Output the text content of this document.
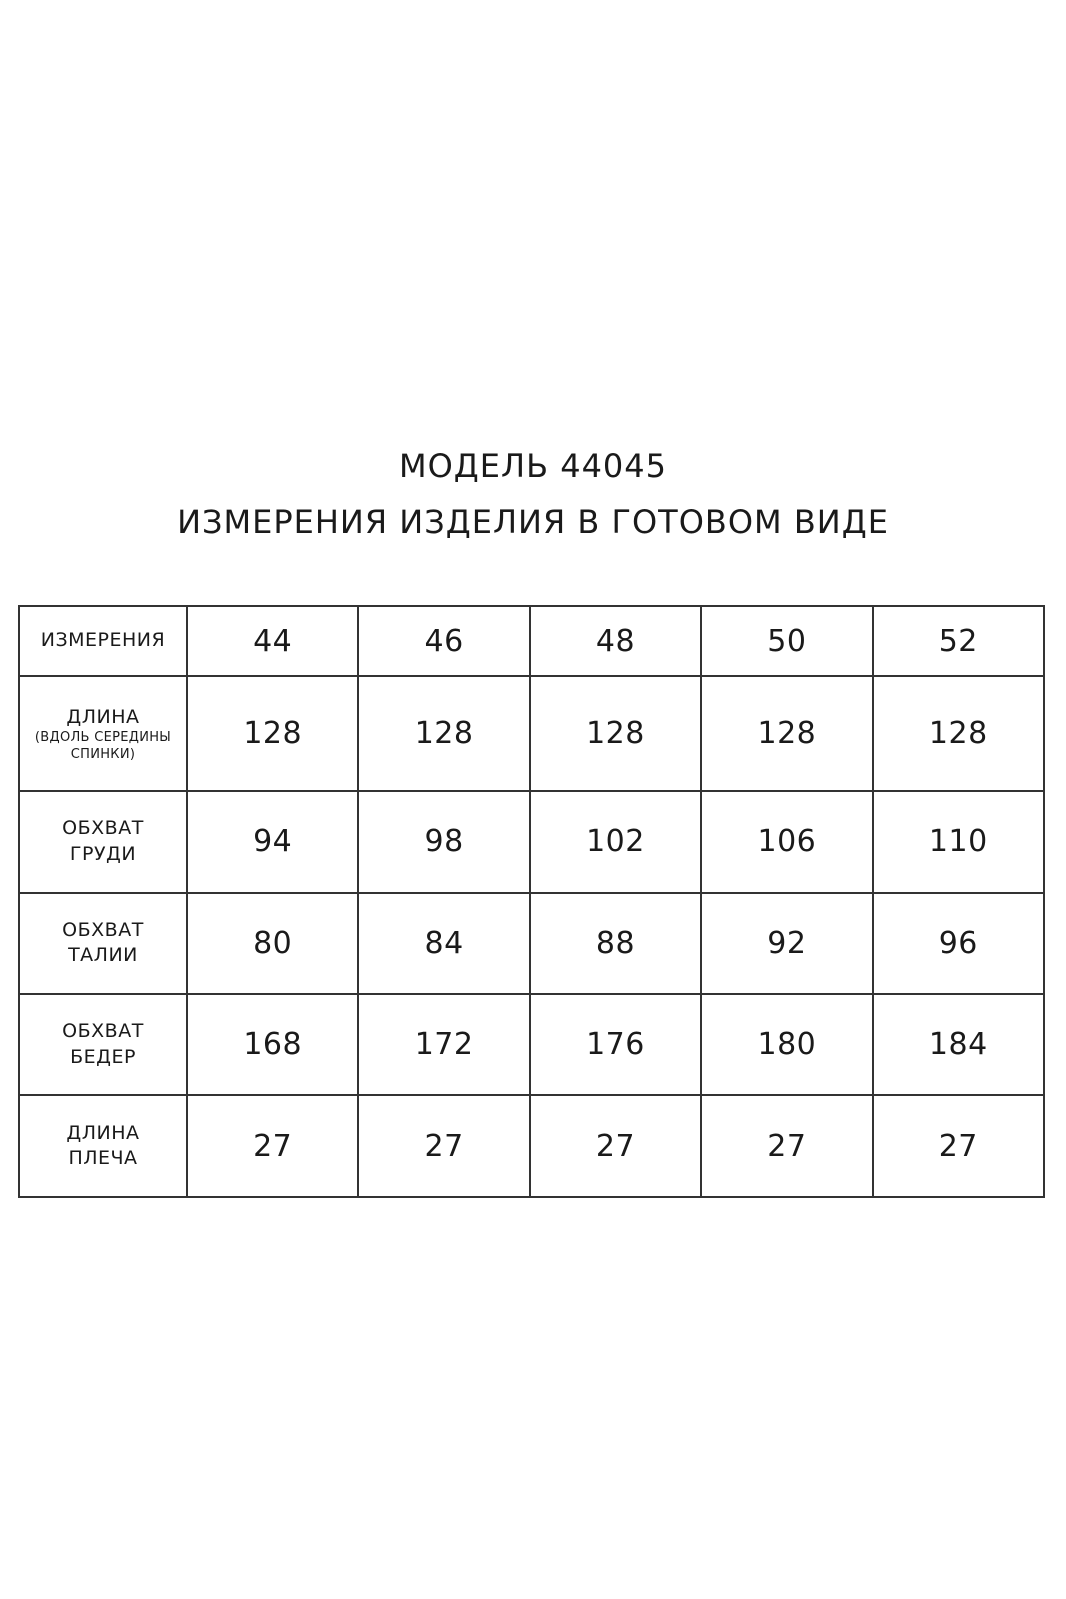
МОДЕЛЬ 44045
ИЗМЕРЕНИЯ ИЗДЕЛИЯ В ГОТОВОМ ВИДЕ
ИЗМЕРЕНИЯ	44	46	48	50	52

ДЛИНА
(ВДОЛЬ СЕРЕДИНЫ
СПИНКИ)	128	128	128	128	128

ОБХВАТ
ГРУДИ	94	98	102	106	110

ОБХВАТ
ТАЛИИ	80	84	88	92	96

ОБХВАТ
БЕДЕР	168	172	176	180	184

ДЛИНА
ПЛЕЧА	27	27	27	27	27
